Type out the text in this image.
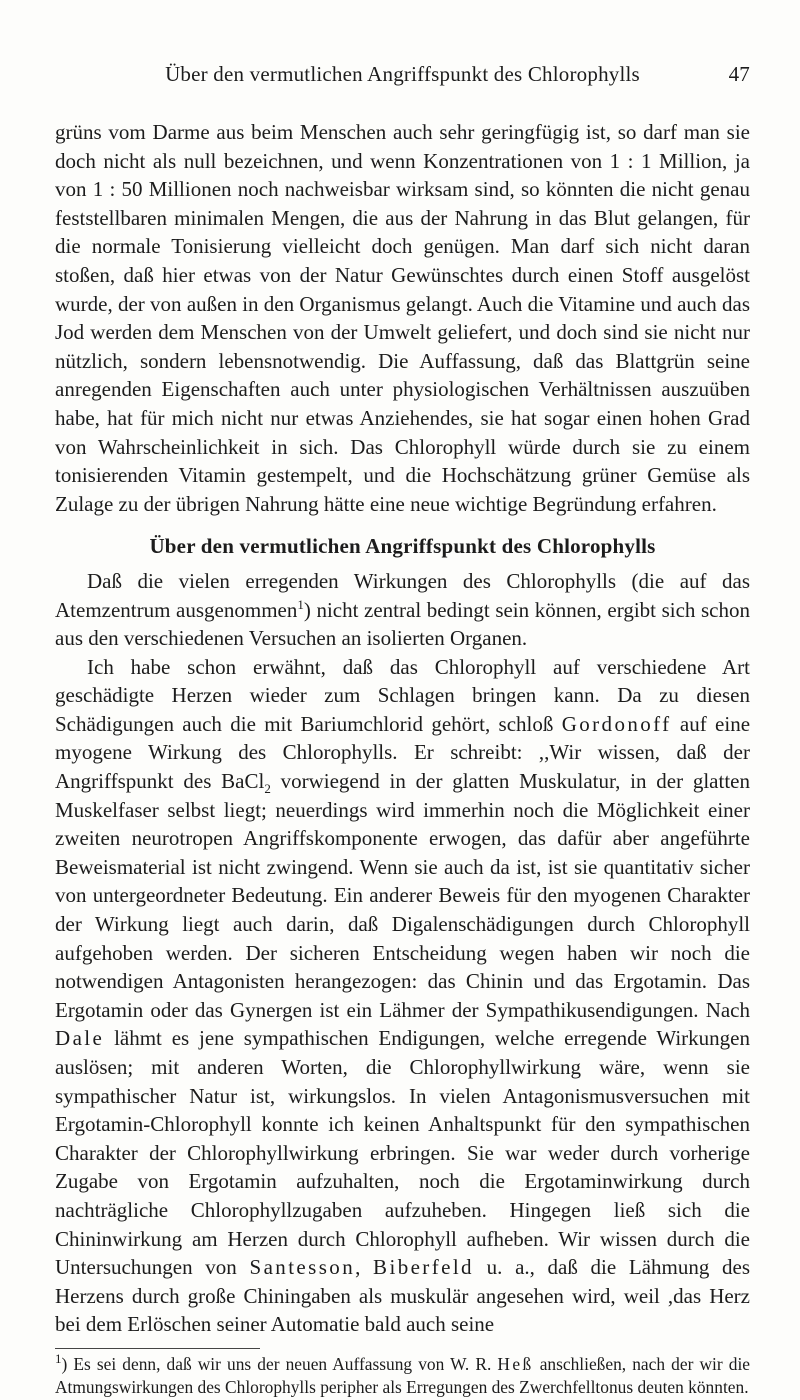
Über den vermutlichen Angriffspunkt des Chlorophylls	47

grüns vom Darme aus beim Menschen auch sehr geringfügig ist, so darf man sie doch nicht als null bezeichnen, und wenn Konzentrationen von 1 : 1 Million, ja von 1 : 50 Millionen noch nachweisbar wirksam sind, so könnten die nicht genau feststellbaren minimalen Mengen, die aus der Nahrung in das Blut gelangen, für die normale Tonisierung vielleicht doch genügen. Man darf sich nicht daran stoßen, daß hier etwas von der Natur Gewünschtes durch einen Stoff ausgelöst wurde, der von außen in den Organismus gelangt. Auch die Vitamine und auch das Jod werden dem Menschen von der Umwelt geliefert, und doch sind sie nicht nur nützlich, sondern lebensnotwendig. Die Auffassung, daß das Blattgrün seine anregenden Eigenschaften auch unter physiologischen Verhältnissen auszuüben habe, hat für mich nicht nur etwas Anziehendes, sie hat sogar einen hohen Grad von Wahrscheinlichkeit in sich. Das Chlorophyll würde durch sie zu einem tonisierenden Vitamin gestempelt, und die Hochschätzung grüner Gemüse als Zulage zu der übrigen Nahrung hätte eine neue wichtige Begründung erfahren.

Über den vermutlichen Angriffspunkt des Chlorophylls

Daß die vielen erregenden Wirkungen des Chlorophylls (die auf das Atemzentrum ausgenommen$^1$) nicht zentral bedingt sein können, ergibt sich schon aus den verschiedenen Versuchen an isolierten Organen.

Ich habe schon erwähnt, daß das Chlorophyll auf verschiedene Art geschädigte Herzen wieder zum Schlagen bringen kann. Da zu diesen Schädigungen auch die mit Bariumchlorid gehört, schloß Gordonoff auf eine myogene Wirkung des Chlorophylls. Er schreibt: ,,Wir wissen, daß der Angriffspunkt des BaCl$_2$ vorwiegend in der glatten Muskulatur, in der glatten Muskelfaser selbst liegt; neuerdings wird immerhin noch die Möglichkeit einer zweiten neurotropen Angriffskomponente erwogen, das dafür aber angeführte Beweismaterial ist nicht zwingend. Wenn sie auch da ist, ist sie quantitativ sicher von untergeordneter Bedeutung. Ein anderer Beweis für den myogenen Charakter der Wirkung liegt auch darin, daß Digalenschädigungen durch Chlorophyll aufgehoben werden. Der sicheren Entscheidung wegen haben wir noch die notwendigen Antagonisten herangezogen: das Chinin und das Ergotamin. Das Ergotamin oder das Gynergen ist ein Lähmer der Sympathikusendigungen. Nach Dale lähmt es jene sympathischen Endigungen, welche erregende Wirkungen auslösen; mit anderen Worten, die Chlorophyllwirkung wäre, wenn sie sympathischer Natur ist, wirkungslos. In vielen Antagonismusversuchen mit Ergotamin-Chlorophyll konnte ich keinen Anhaltspunkt für den sympathischen Charakter der Chlorophyllwirkung erbringen. Sie war weder durch vorherige Zugabe von Ergotamin aufzuhalten, noch die Ergotaminwirkung durch nachträgliche Chlorophyllzugaben aufzuheben. Hingegen ließ sich die Chininwirkung am Herzen durch Chlorophyll aufheben. Wir wissen durch die Untersuchungen von Santesson, Biberfeld u. a., daß die Lähmung des Herzens durch große Chiningaben als muskulär angesehen wird, weil ,das Herz bei dem Erlöschen seiner Automatie bald auch seine

$^1$) Es sei denn, daß wir uns der neuen Auffassung von W. R. Heß anschließen, nach der wir die Atmungswirkungen des Chlorophylls peripher als Erregungen des Zwerchfelltonus deuten könnten.
